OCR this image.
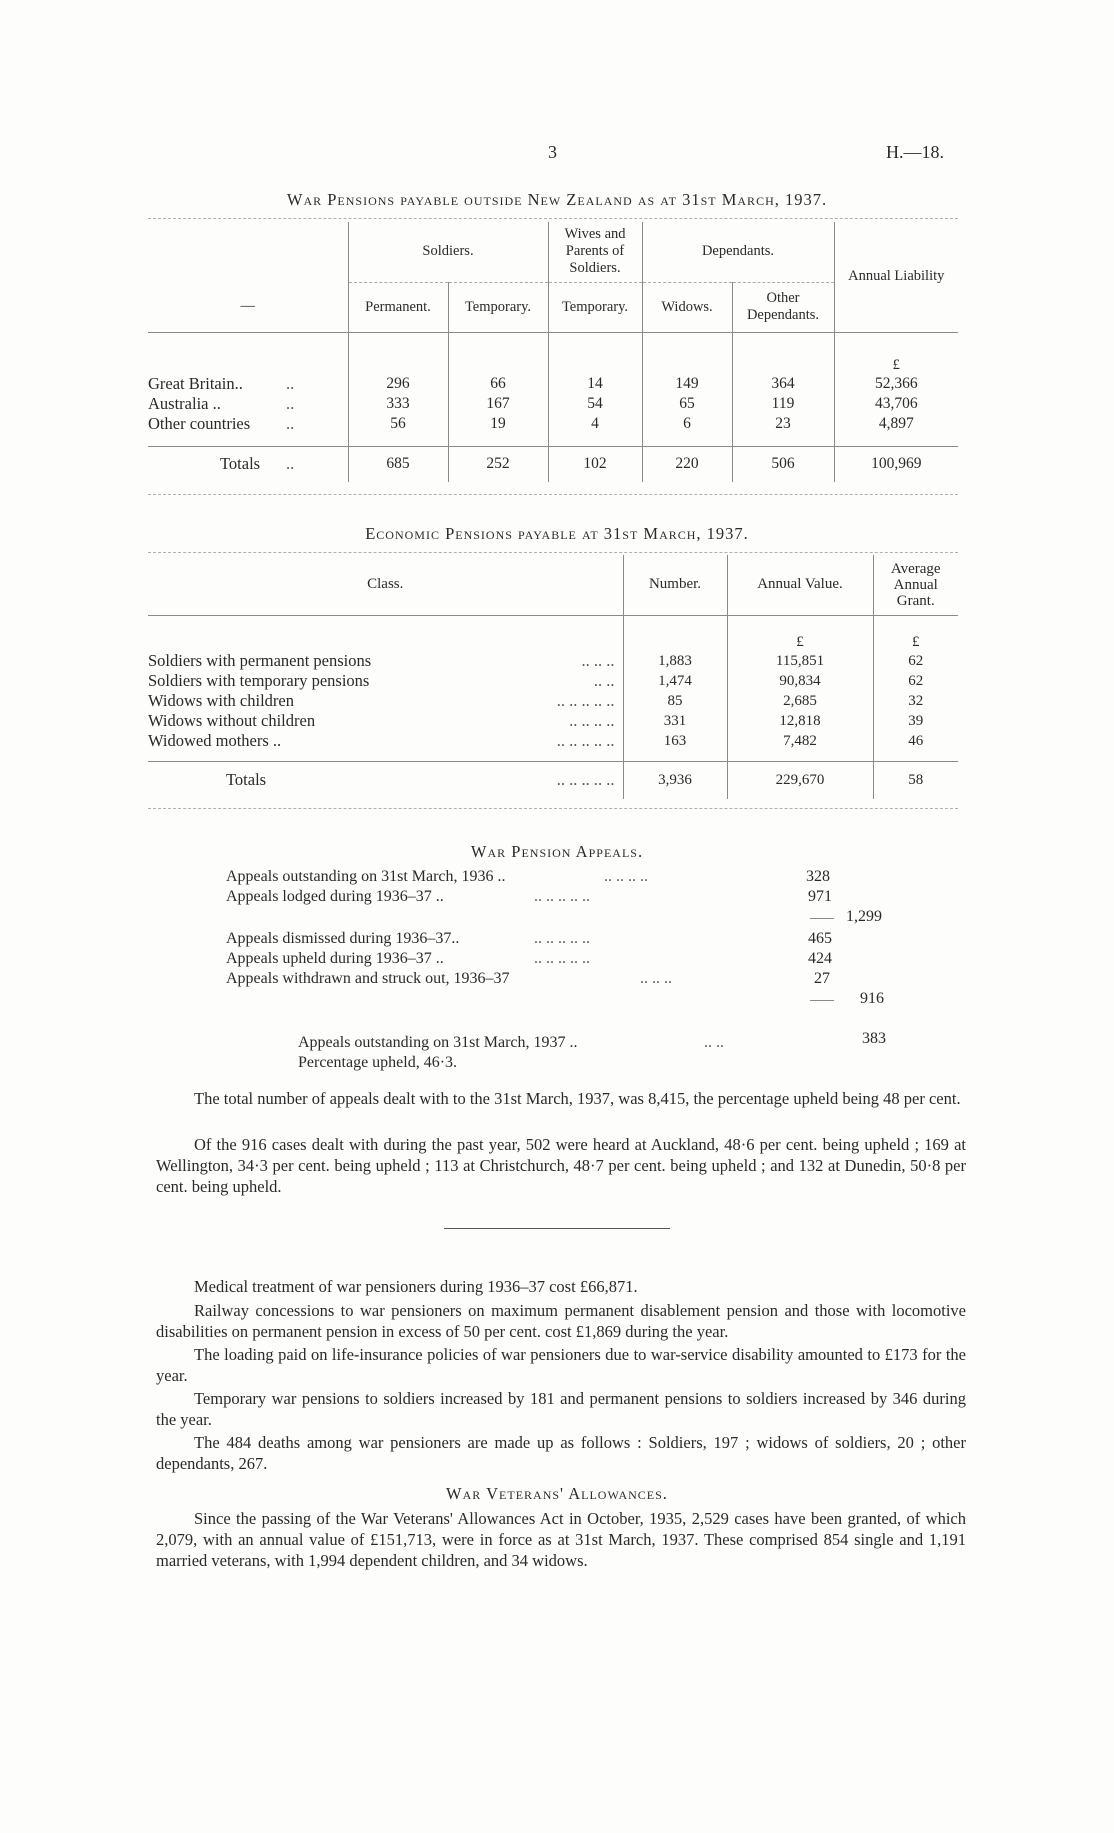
3	H.—18.
War Pensions payable outside New Zealand as at 31st March, 1937.
	Soldiers.		Wives and Parents of Soldiers.	Dependants.		Annual Liability
—	Permanent.	Temporary.	Temporary.	Widows.	Other Dependants.	
						£
Great Britain.. ..	296	66	14	149	364	52,366
Australia .. ..	333	167	54	65	119	43,706
Other countries ..	56	19	4	6	23	4,897

Totals ..	685	252	102	220	506	100,969
Economic Pensions payable at 31st March, 1937.
Class.	Number.	Annual Value.	Average Annual Grant.
		£	£
Soldiers with permanent pensions .. .. ..	1,883	115,851	62
Soldiers with temporary pensions .. ..	1,474	90,834	62
Widows with children .. .. .. .. ..	85	2,685	32
Widows without children .. .. .. ..	331	12,818	39
Widowed mothers .. .. .. .. .. ..	163	7,482	46

Totals .. .. .. .. ..	3,936	229,670	58
War Pension Appeals.
Appeals outstanding on 31st March, 1936 ..	.. .. .. ..	328
Appeals lodged during 1936–37 ..	.. .. .. .. ..	971
1,299
Appeals dismissed during 1936–37..	.. .. .. .. ..	465
Appeals upheld during 1936–37 ..	.. .. .. .. ..	424
Appeals withdrawn and struck out, 1936–37	.. .. ..	27
916
Appeals outstanding on 31st March, 1937 ..	.. ..	383
Percentage upheld, 46·3.
The total number of appeals dealt with to the 31st March, 1937, was 8,415, the percentage upheld being 48 per cent.
Of the 916 cases dealt with during the past year, 502 were heard at Auckland, 48·6 per cent. being upheld ; 169 at Wellington, 34·3 per cent. being upheld ; 113 at Christchurch, 48·7 per cent. being upheld ; and 132 at Dunedin, 50·8 per cent. being upheld.
Medical treatment of war pensioners during 1936–37 cost £66,871.
Railway concessions to war pensioners on maximum permanent disablement pension and those with locomotive disabilities on permanent pension in excess of 50 per cent. cost £1,869 during the year.
The loading paid on life-insurance policies of war pensioners due to war-service disability amounted to £173 for the year.
Temporary war pensions to soldiers increased by 181 and permanent pensions to soldiers increased by 346 during the year.
The 484 deaths among war pensioners are made up as follows : Soldiers, 197 ; widows of soldiers, 20 ; other dependants, 267.
War Veterans' Allowances.
Since the passing of the War Veterans' Allowances Act in October, 1935, 2,529 cases have been granted, of which 2,079, with an annual value of £151,713, were in force as at 31st March, 1937. These comprised 854 single and 1,191 married veterans, with 1,994 dependent children, and 34 widows.
